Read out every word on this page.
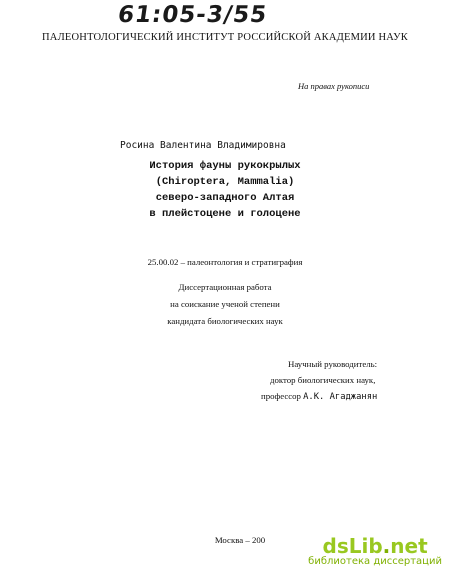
61:05-3/55
ПАЛЕОНТОЛОГИЧЕСКИЙ ИНСТИТУТ РОССИЙСКОЙ АКАДЕМИИ НАУК
На правах рукописи
Росина Валентина Владимировна
История фауны рукокрылых
(Chiroptera, Mammalia)
северо-западного Алтая
в плейстоцене и голоцене
25.00.02 – палеонтология и стратиграфия
Диссертационная работа
на соискание ученой степени
кандидата биологических наук
Научный руководитель:
доктор биологических наук,
профессор А.К. Агаджанян
Москва – 200	dsLib.net
библиотека диссертаций
